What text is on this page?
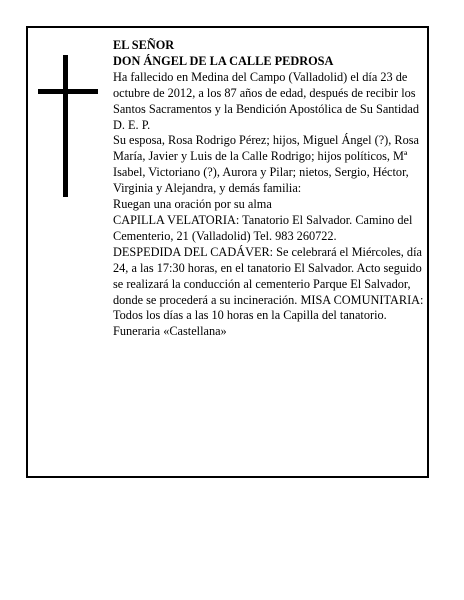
EL SEÑOR

DON ÁNGEL DE LA CALLE PEDROSA

Ha fallecido en Medina del Campo (Valladolid) el día 23 de octubre de 2012, a los 87 años de edad, después de recibir los Santos Sacramentos y la Bendición Apostólica de Su Santidad

D. E. P.

Su esposa, Rosa Rodrigo Pérez; hijos, Miguel Ángel (?), Rosa María, Javier y Luis de la Calle Rodrigo; hijos políticos, Mª Isabel, Victoriano (?), Aurora y Pilar; nietos, Sergio, Héctor, Virginia y Alejandra, y demás familia:

Ruegan una oración por su alma

CAPILLA VELATORIA: Tanatorio El Salvador. Camino del Cementerio, 21 (Valladolid) Tel. 983 260722.

DESPEDIDA DEL CADÁVER: Se celebrará el Miércoles, día 24, a las 17:30 horas, en el tanatorio El Salvador. Acto seguido se realizará la conducción al cementerio Parque El Salvador, donde se procederá a su incineración. MISA COMUNITARIA: Todos los días a las 10 horas en la Capilla del tanatorio.

Funeraria «Castellana»
